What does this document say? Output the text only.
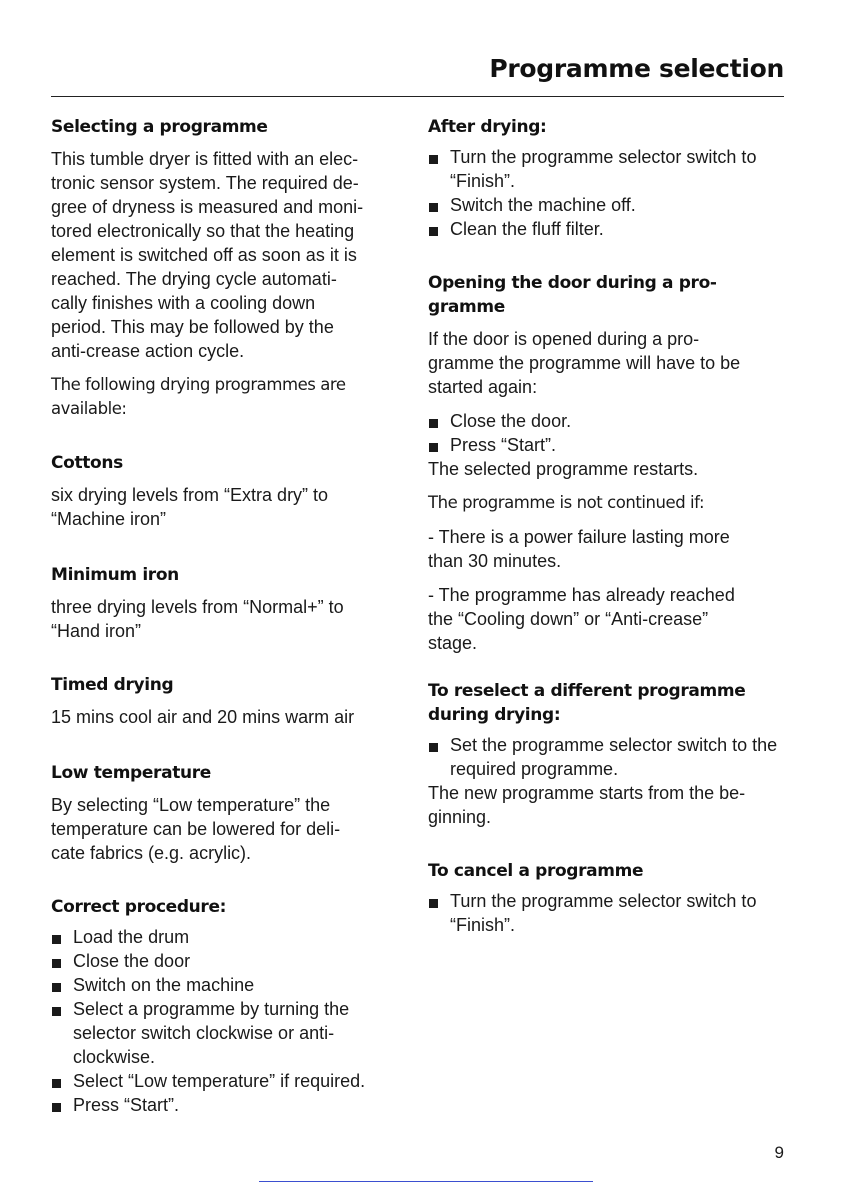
Programme selection
Selecting a programme
This tumble dryer is fitted with an elec-
tronic sensor system. The required de-
gree of dryness is measured and moni-
tored electronically so that the heating
element is switched off as soon as it is
reached. The drying cycle automati-
cally finishes with a cooling down
period. This may be followed by the
anti-crease action cycle.
The following drying programmes are
available:
Cottons
six drying levels from “Extra dry” to
“Machine iron”
Minimum iron
three drying levels from “Normal+” to
“Hand iron”
Timed drying
15 mins cool air and 20 mins warm air
Low temperature
By selecting “Low temperature” the
temperature can be lowered for deli-
cate fabrics (e.g. acrylic).
Correct procedure:
Load the drum
Close the door
Switch on the machine
Select a programme by turning the selector switch clockwise or anti-clockwise.
Select “Low temperature” if required.
Press “Start”.
After drying:
Turn the programme selector switch to “Finish”.
Switch the machine off.
Clean the fluff filter.
Opening the door during a pro-
gramme
If the door is opened during a pro-
gramme the programme will have to be
started again:
Close the door.
Press “Start”.
The selected programme restarts.
The programme is not continued if:
- There is a power failure lasting more
than 30 minutes.
- The programme has already reached
the “Cooling down” or “Anti-crease”
stage.
To reselect a different programme
during drying:
Set the programme selector switch to the required programme.
The new programme starts from the be-
ginning.
To cancel a programme
Turn the programme selector switch to “Finish”.
9
